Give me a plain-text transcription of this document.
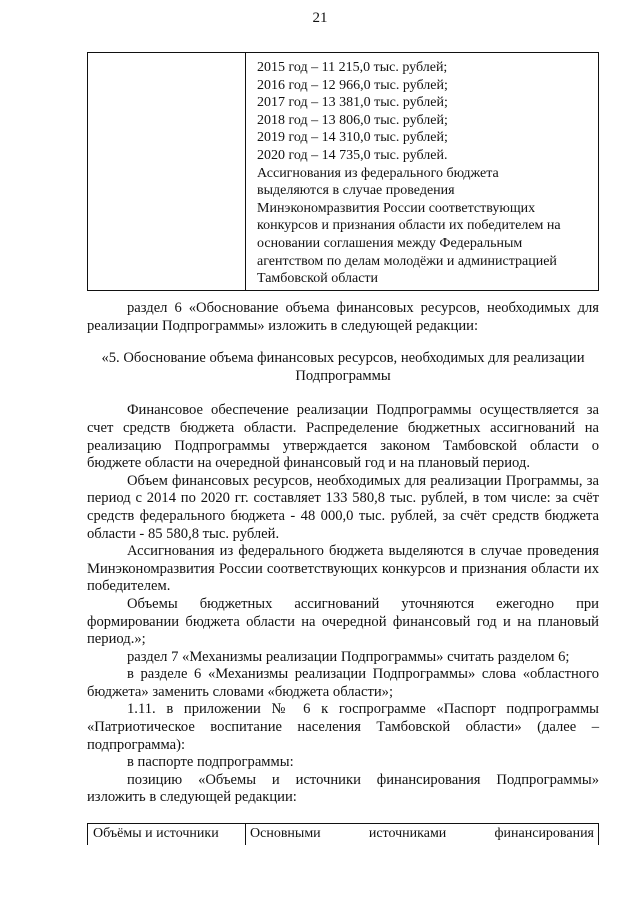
21
2015 год – 11 215,0 тыс. рублей;
2016 год – 12 966,0 тыс. рублей;
2017 год – 13 381,0 тыс. рублей;
2018 год – 13 806,0 тыс. рублей;
2019 год – 14 310,0 тыс. рублей;
2020 год – 14 735,0 тыс. рублей.
Ассигнования из федерального бюджета
выделяются в случае проведения
Минэкономразвития России соответствующих
конкурсов и признания области их победителем на
основании соглашения между Федеральным
агентством по делам молодёжи и администрацией
Тамбовской области

раздел 6 «Обоснование объема финансовых ресурсов, необходимых для реализации Подпрограммы» изложить в следующей редакции:

«5. Обоснование объема финансовых ресурсов, необходимых для реализации

Подпрограммы

Финансовое обеспечение реализации Подпрограммы осуществляется за счет средств бюджета области. Распределение бюджетных ассигнований на реализацию Подпрограммы утверждается законом Тамбовской области о бюджете области на очередной финансовый год и на плановый период.

Объем финансовых ресурсов, необходимых для реализации Программы, за период с 2014 по 2020 гг. составляет 133 580,8 тыс. рублей, в том числе: за счёт средств федерального бюджета - 48 000,0 тыс. рублей, за счёт средств бюджета области - 85 580,8 тыс. рублей.

Ассигнования из федерального бюджета выделяются в случае проведения Минэкономразвития России соответствующих конкурсов и признания области их победителем.

Объемы бюджетных ассигнований уточняются ежегодно при формировании бюджета области на очередной финансовый год и на плановый период.»;

раздел 7 «Механизмы реализации Подпрограммы» считать разделом 6;

в разделе 6 «Механизмы реализации Подпрограммы» слова «областного бюджета» заменить словами «бюджета области»;

1.11. в приложении № 6 к госпрограмме «Паспорт подпрограммы «Патриотическое воспитание населения Тамбовской области» (далее – подпрограмма):

в паспорте подпрограммы:

позицию «Объемы и источники финансирования Подпрограммы» изложить в следующей редакции:

Объёмы и источники Основными	источниками	финансирования
